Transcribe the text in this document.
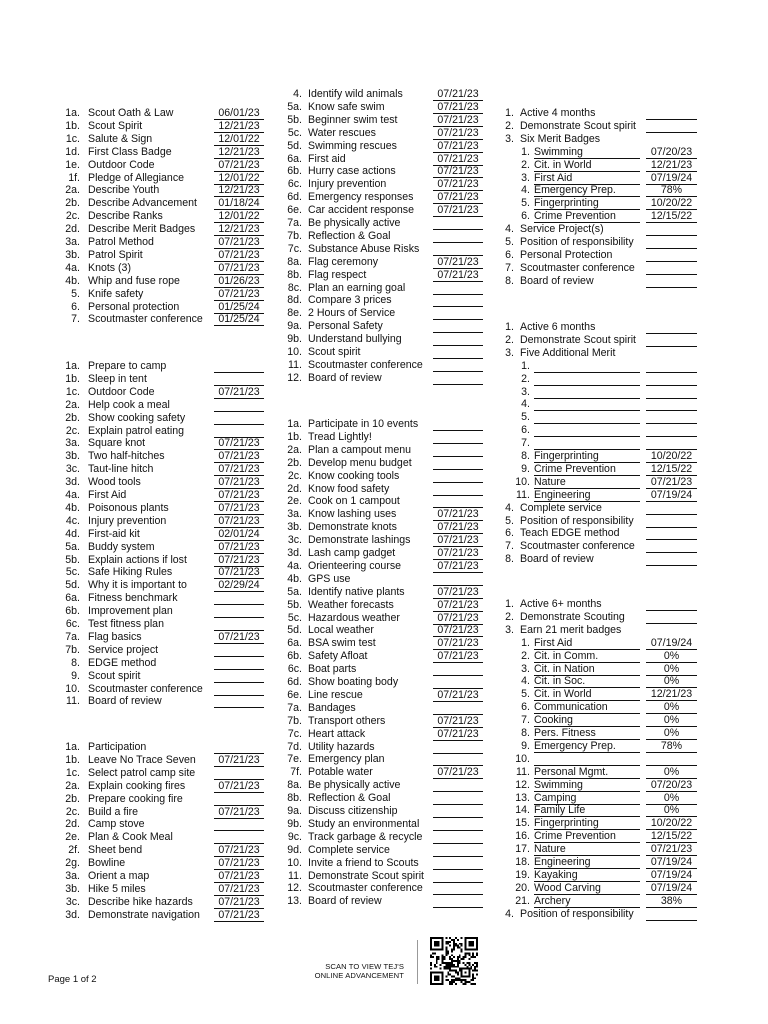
1a. Scout Oath & Law	06/01/23
1b. Scout Spirit	12/21/23
1c. Salute & Sign	12/01/22
1d. First Class Badge	12/21/23
1e. Outdoor Code	07/21/23
1f. Pledge of Allegiance	12/01/22
2a. Describe Youth	12/21/23
2b. Describe Advancement	01/18/24
2c. Describe Ranks	12/01/22
2d. Describe Merit Badges	12/21/23
3a. Patrol Method	07/21/23
3b. Patrol Spirit	07/21/23
4a. Knots (3)	07/21/23
4b. Whip and fuse rope	01/26/23
5. Knife safety	07/21/23
6. Personal protection	01/25/24
7. Scoutmaster conference	01/25/24
1a. Prepare to camp
1b. Sleep in tent
1c. Outdoor Code	07/21/23
2a. Help cook a meal
2b. Show cooking safety
2c. Explain patrol eating
3a. Square knot	07/21/23
3b. Two half-hitches	07/21/23
3c. Taut-line hitch	07/21/23
3d. Wood tools	07/21/23
4a. First Aid	07/21/23
4b. Poisonous plants	07/21/23
4c. Injury prevention	07/21/23
4d. First-aid kit	02/01/24
5a. Buddy system	07/21/23
5b. Explain actions if lost	07/21/23
5c. Safe Hiking Rules	07/21/23
5d. Why it is important to	02/29/24
6a. Fitness benchmark
6b. Improvement plan
6c. Test fitness plan
7a. Flag basics	07/21/23
7b. Service project
8. EDGE method
9. Scout spirit
10. Scoutmaster conference
11. Board of review
1a. Participation
1b. Leave No Trace Seven	07/21/23
1c. Select patrol camp site
2a. Explain cooking fires	07/21/23
2b. Prepare cooking fire
2c. Build a fire	07/21/23
2d. Camp stove
2e. Plan & Cook Meal
2f. Sheet bend	07/21/23
2g. Bowline	07/21/23
3a. Orient a map	07/21/23
3b. Hike 5 miles	07/21/23
3c. Describe hike hazards	07/21/23
3d. Demonstrate navigation	07/21/23
4. Identify wild animals	07/21/23
5a. Know safe swim	07/21/23
5b. Beginner swim test	07/21/23
5c. Water rescues	07/21/23
5d. Swimming rescues	07/21/23
6a. First aid	07/21/23
6b. Hurry case actions	07/21/23
6c. Injury prevention	07/21/23
6d. Emergency responses	07/21/23
6e. Car accident response	07/21/23
7a. Be physically active
7b. Reflection & Goal
7c. Substance Abuse Risks
8a. Flag ceremony	07/21/23
8b. Flag respect	07/21/23
8c. Plan an earning goal
8d. Compare 3 prices
8e. 2 Hours of Service
9a. Personal Safety
9b. Understand bullying
10. Scout spirit
11. Scoutmaster conference
12. Board of review
1a. Participate in 10 events
1b. Tread Lightly!
2a. Plan a campout menu
2b. Develop menu budget
2c. Know cooking tools
2d. Know food safety
2e. Cook on 1 campout
3a. Know lashing uses	07/21/23
3b. Demonstrate knots	07/21/23
3c. Demonstrate lashings	07/21/23
3d. Lash camp gadget	07/21/23
4a. Orienteering course	07/21/23
4b. GPS use
5a. Identify native plants	07/21/23
5b. Weather forecasts	07/21/23
5c. Hazardous weather	07/21/23
5d. Local weather	07/21/23
6a. BSA swim test	07/21/23
6b. Safety Afloat	07/21/23
6c. Boat parts
6d. Show boating body
6e. Line rescue	07/21/23
7a. Bandages
7b. Transport others	07/21/23
7c. Heart attack	07/21/23
7d. Utility hazards
7e. Emergency plan
7f. Potable water	07/21/23
8a. Be physically active
8b. Reflection & Goal
9a. Discuss citizenship
9b. Study an environmental
9c. Track garbage & recycle
9d. Complete service
10. Invite a friend to Scouts
11. Demonstrate Scout spirit
12. Scoutmaster conference
13. Board of review
1. Active 4 months
2. Demonstrate Scout spirit
3. Six Merit Badges
1. Swimming	07/20/23
2. Cit. in World	12/21/23
3. First Aid	07/19/24
4. Emergency Prep.	78%
5. Fingerprinting	10/20/22
6. Crime Prevention	12/15/22
4. Service Project(s)
5. Position of responsibility
6. Personal Protection
7. Scoutmaster conference
8. Board of review
1. Active 6 months
2. Demonstrate Scout spirit
3. Five Additional Merit
1.
2.
3.
4.
5.
6.
7.
8. Fingerprinting	10/20/22
9. Crime Prevention	12/15/22
10. Nature	07/21/23
11. Engineering	07/19/24
4. Complete service
5. Position of responsibility
6. Teach EDGE method
7. Scoutmaster conference
8. Board of review
1. Active 6+ months
2. Demonstrate Scouting
3. Earn 21 merit badges
1. First Aid	07/19/24
2. Cit. in Comm.	0%
3. Cit. in Nation	0%
4. Cit. in Soc.	0%
5. Cit. in World	12/21/23
6. Communication	0%
7. Cooking	0%
8. Pers. Fitness	0%
9. Emergency Prep.	78%
10.
11. Personal Mgmt.	0%
12. Swimming	07/20/23
13. Camping	0%
14. Family Life	0%
15. Fingerprinting	10/20/22
16. Crime Prevention	12/15/22
17. Nature	07/21/23
18. Engineering	07/19/24
19. Kayaking	07/19/24
20. Wood Carving	07/19/24
21. Archery	38%
4. Position of responsibility
SCAN TO VIEW TEJ'S
ONLINE ADVANCEMENT
Page 1 of 2
